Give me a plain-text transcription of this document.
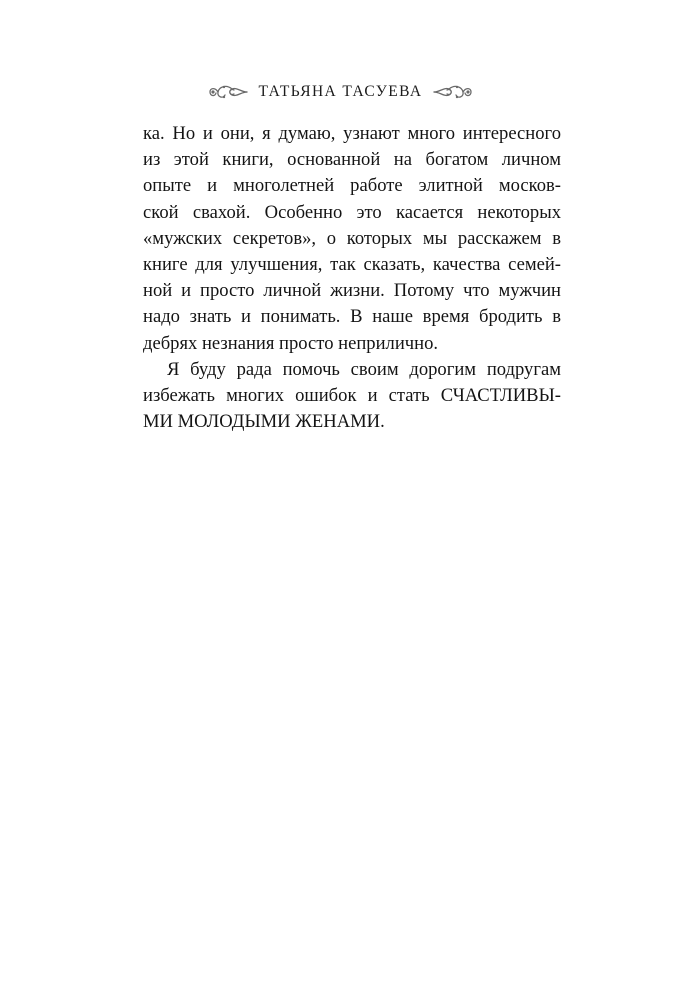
ТАТЬЯНА ТАСУЕВА
ка. Но и они, я думаю, узнают много интересного
из этой книги, основанной на богатом личном
опыте и многолетней работе элитной москов-
ской свахой. Особенно это касается некоторых
«мужских секретов», о которых мы расскажем в
книге для улучшения, так сказать, качества семей-
ной и просто личной жизни. Потому что мужчин
надо знать и понимать. В наше время бродить в
дебрях незнания просто неприлично.
Я буду рада помочь своим дорогим подругам
избежать многих ошибок и стать СЧАСТЛИВЫ-
МИ МОЛОДЫМИ ЖЕНАМИ.
